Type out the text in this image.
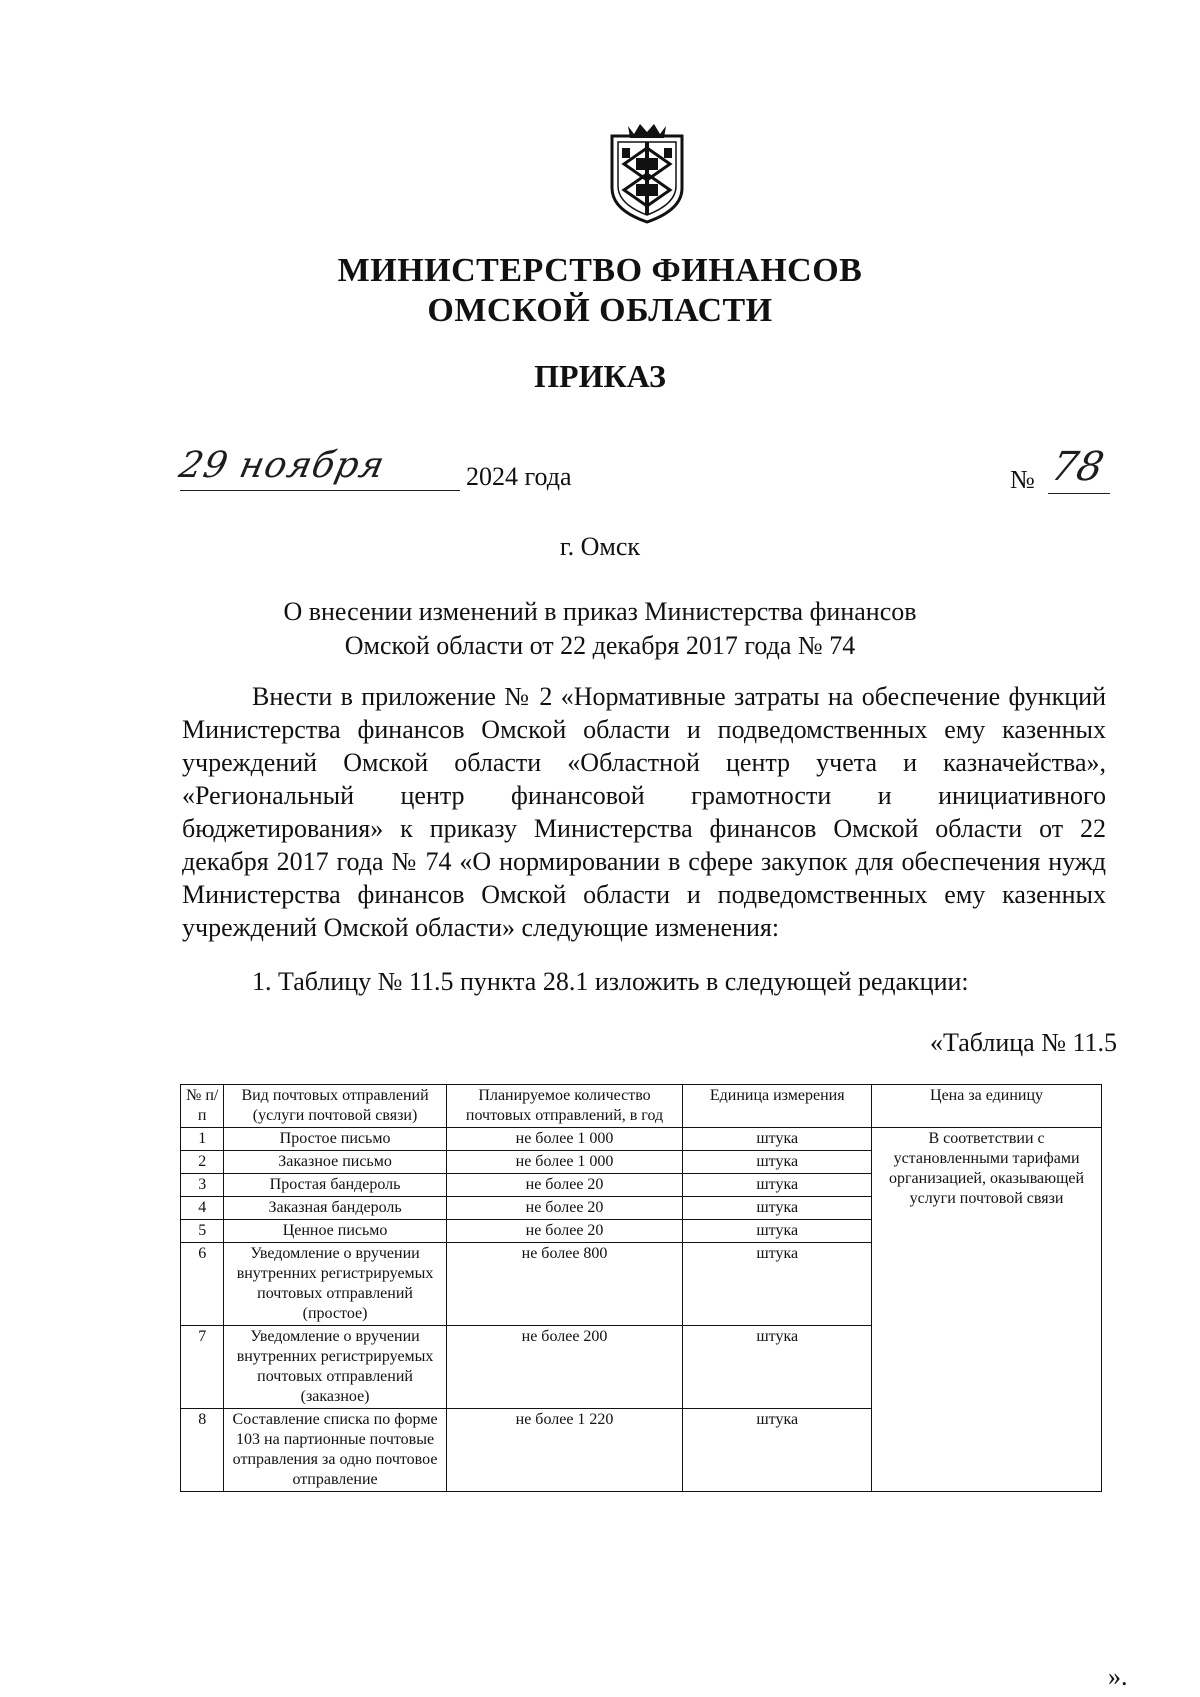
МИНИСТЕРСТВО ФИНАНСОВ
ОМСКОЙ ОБЛАСТИ
ПРИКАЗ
29 ноября	2024 года	№ 78
г. Омск
О внесении изменений в приказ Министерства финансов
Омской области от 22 декабря 2017 года № 74
Внести в приложение № 2 «Нормативные затраты на обеспечение функций Министерства финансов Омской области и подведомственных ему казенных учреждений Омской области «Областной центр учета и казначейства», «Региональный центр финансовой грамотности и инициативного бюджетирования» к приказу Министерства финансов Омской области от 22 декабря 2017 года № 74 «О нормировании в сфере закупок для обеспечения нужд Министерства финансов Омской области и подведомственных ему казенных учреждений Омской области» следующие изменения:
1. Таблицу № 11.5 пункта 28.1 изложить в следующей редакции:
«Таблица № 11.5
№ п/п	Вид почтовых отправлений (услуги почтовой связи)	Планируемое количество почтовых отправлений, в год	Единица измерения	Цена за единицу
1	Простое письмо	не более 1 000	штука	В соответствии с установленными тарифами организацией, оказывающей услуги почтовой связи
2	Заказное письмо	не более 1 000	штука	
3	Простая бандероль	не более 20	штука	
4	Заказная бандероль	не более 20	штука	
5	Ценное письмо	не более 20	штука	
6	Уведомление о вручении внутренних регистрируемых почтовых отправлений (простое)	не более 800	штука	
7	Уведомление о вручении внутренних регистрируемых почтовых отправлений (заказное)	не более 200	штука	
8	Составление списка по форме 103 на партионные почтовые отправления за одно почтовое отправление	не более 1 220	штука	
».
